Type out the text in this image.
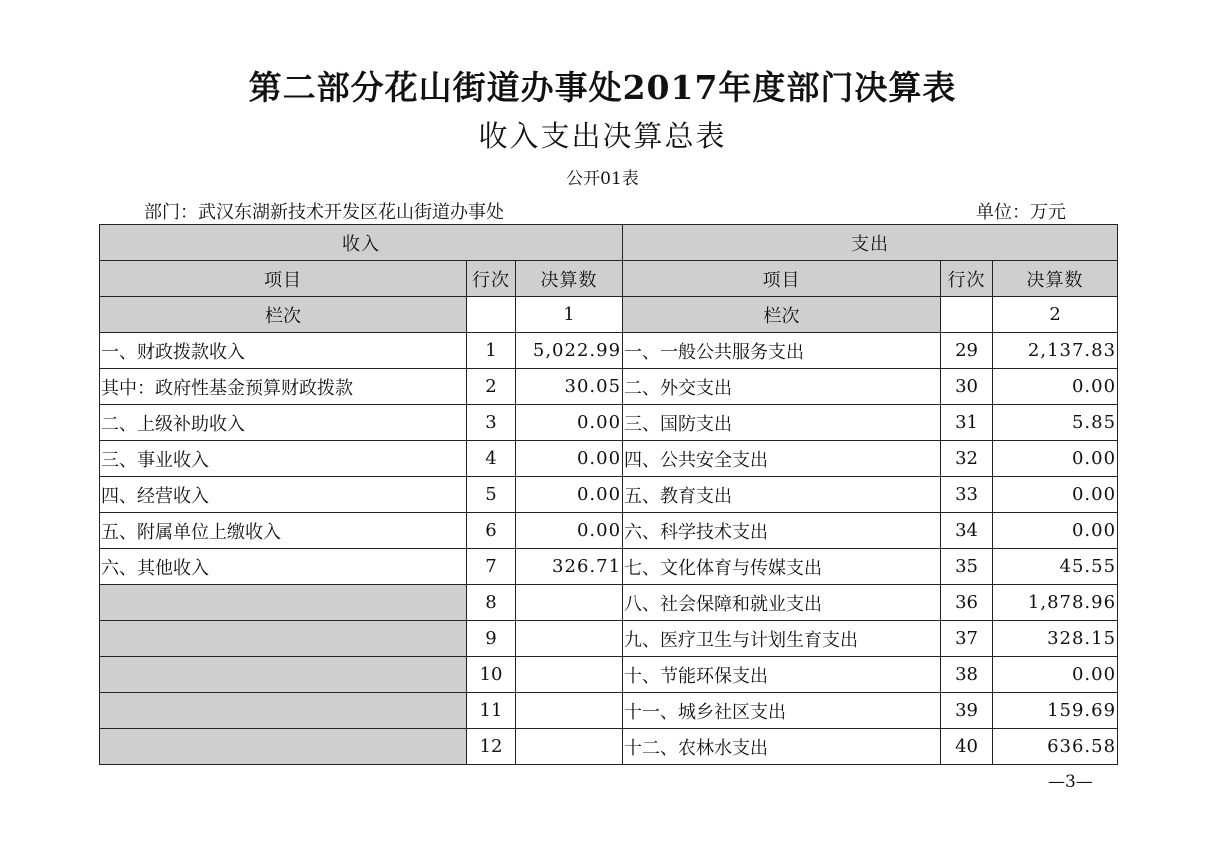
第二部分花山街道办事处2017年度部门决算表
收入支出决算总表
公开01表
部门：武汉东湖新技术开发区花山街道办事处	单位：万元
收入			支出		
项目	行次	决算数	项目	行次	决算数
栏次		1	栏次		2
一、财政拨款收入	1	5,022.99	一、一般公共服务支出	29	2,137.83
其中：政府性基金预算财政拨款	2	30.05	二、外交支出	30	0.00
二、上级补助收入	3	0.00	三、国防支出	31	5.85
三、事业收入	4	0.00	四、公共安全支出	32	0.00
四、经营收入	5	0.00	五、教育支出	33	0.00
五、附属单位上缴收入	6	0.00	六、科学技术支出	34	0.00
六、其他收入	7	326.71	七、文化体育与传媒支出	35	45.55
	8		八、社会保障和就业支出	36	1,878.96
	9		九、医疗卫生与计划生育支出	37	328.15
	10		十、节能环保支出	38	0.00
	11		十一、城乡社区支出	39	159.69
	12		十二、农林水支出	40	636.58
—3—
